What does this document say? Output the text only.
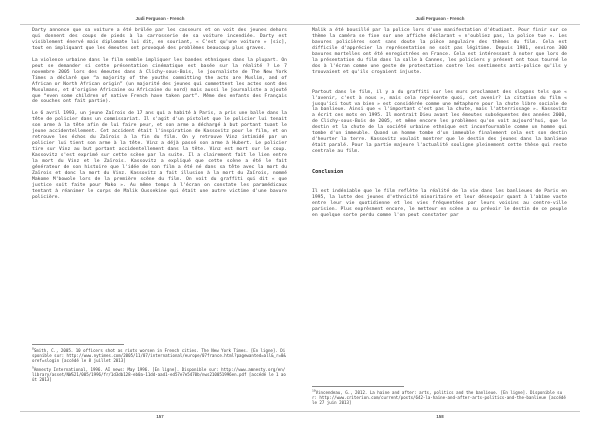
Judi Ferguson - French

Darty annonce que sa voiture a été brûlée par les casseurs et on voit des jeunes dehors qui donnent des coups de pieds à la carrosserie de sa voiture incendiée. Darty est visiblement énervé mais diplomate lui dit, en souriant, « C'est qu'une voiture » [sic], tout en impliquant que les émeutes ont provoqué des problèmes beaucoup plus graves.

La violence urbaine dans le film semble impliquer les bandes ethniques dans la plupart. On peut se demander si cette présentation cinématique est basée sur la réalité ? Le 7 novembre 2005 lors des émeutes dans à Clichy-sous-Bois, le journaliste de The New York Times a déclaré que “a majority of the youths committing the acts are Muslim, and of African or North African origin” (un majorité des jeunes qui commettent les actes sont des Musulmans, et d'origine Africaine ou Africaine du nord) mais aussi le journaliste a ajouté que “even some children of native French have taken part”. Même des enfants des Français de souches ont fait partie).

Le 6 avril 1993, un jeune Zaïrois de 17 ans qui a habité à Paris, a pris une balle dans la tête de policier dans un commissariat. Il s'agit d'un pistolet que le policier lui tenait son arme à la tête afin de lui faire peur, et son arme a déchargé à but portant tuant le jeune accidentellement. Cet accident était l'inspiration de Kassovitz pour le film, et on retrouve les échos du Zaïrois à la fin du film. On y retrouve Vinz intimidé par un policier lui tient son arme à la tête. Vinz a déjà passé son arme à Hubert. Le policier tire sur Vinz au but portant accidentellement dans la tête. Vinz est mort sur le coup. Kassovitz s'est exprimé sur cette scène par la suite. Il a clairement fait le lien entre la mort du Vinz et le Zaïrois. Kassovitz a expliqué que cette scène a été le fait générateur de son histoire que l'idée de son film a été né dans sa tête avec la mort du Zaïrois et donc la mort du Vinz. Kassovitz a fait illusion à la mort du Zaïrois, nommé Makome M'bowole lors de la première scène du film. On voit du graffiti qui dit « que justice soit faite pour Mako ». Au même temps à l'écran on constate les paramédicaux tentant à réanimer le corps de Malik Oussekine qui était une autre victime d'une bavure policière.

$^8$Smith, C., 2005. 10 officers shot as riots worsen in French cities. The New York Times. [En ligne]. Disponible sur: http://www.nytimes.com/2005/11/07/international/europe/07france.html?pagewanted=all&_r=0&oref=slogin [accédé le 8 juillet 2013]
$^9$Amnesty International, 1996. AI news: May 1996. [En ligne]. Disponible sur: http://www.amnesty.org/en/library/asset/NWS21/005/1996/fr/1d3db128-eb0a-11dd-aad1-ed57e7e5470b/nws210051996en.pdf [accédé le 1 août 2013]
157
Judi Ferguson - French

Malik a été bousillé par la police lors d'une manifestation d'étudiant. Pour finir sur ce thème la caméra se fixe sur une affiche déclarant « n'oubliez pas, la police tue ». Les bavures policières sont sans doute la pièce angulaire des thèmes du film. Cela est difficile d'apprécier la représentation ne soit pas légitime. Depuis 1981, environ 300 bavures mortelles ont été enregistrées en France. Cela est intéressant à noter que lors de la présentation du film dans la salle à Cannes, les policiers y présent ont tous tourné le dos à l'écran comme une geste de protestation contre les sentiments anti-police qu'ils y trouvaient et qu'ils croyaient injuste.

Partout dans le film, il y a du graffiti sur les murs proclamant des slogans tels que « l'avenir, c'est à nous », mais cela représente quoi, cet avenir? La citation du film « jusqu'ici tout va bien » est considérée comme une métaphore pour la chute libre sociale de la banlieue. Ainsi que « l'important c'est pas la chute, mais l'atterrissage ». Kassovitz a écrit ces mots en 1995. Il montrait Dieu avant les émeutes subséquentes des années 2000, de Clichy-sous-Bois de 2005, et même encore les problèmes qu'on voit aujourd'hui, que le destin et la chute de la société urbaine ethnique est inconfournable comme un homme qui tombe d'un immeuble. Quand un homme tombe d'un immeuble finalement cela est son destin d'heurter la terre. Kassovitz voulait montrer que le destin des jeunes dans la banlieue était paralé. Pour la partie majeure l'actualité souligne pleinement cette thèse qui reste centrale au film.

Conclusion

Il est indéniable que le film reflète la réalité de la vie dans les banlieues de Paris en 1995, la lutte des jeunes d'ethnicité minoritaire et leur désespoir quant à l'abîme vaste entre leur vie quotidienne et les vies fréquentées par leurs voisins au centre-ville parisien. Plus exprèsment encore, le metteur en scène a su prévoir le destin de ce peuple en quelque sorte perdu comme l'on peut constater par

$^{10}$Vincendeau, G., 2012. La haine and after: arts, politics and the banlieue. [En ligne]. Disponible sur: http://www.criterion.com/current/posts/642-la-haine-and-after-arts-politics-and-the-banlieue [accédé le 27 juin 2013]
158
